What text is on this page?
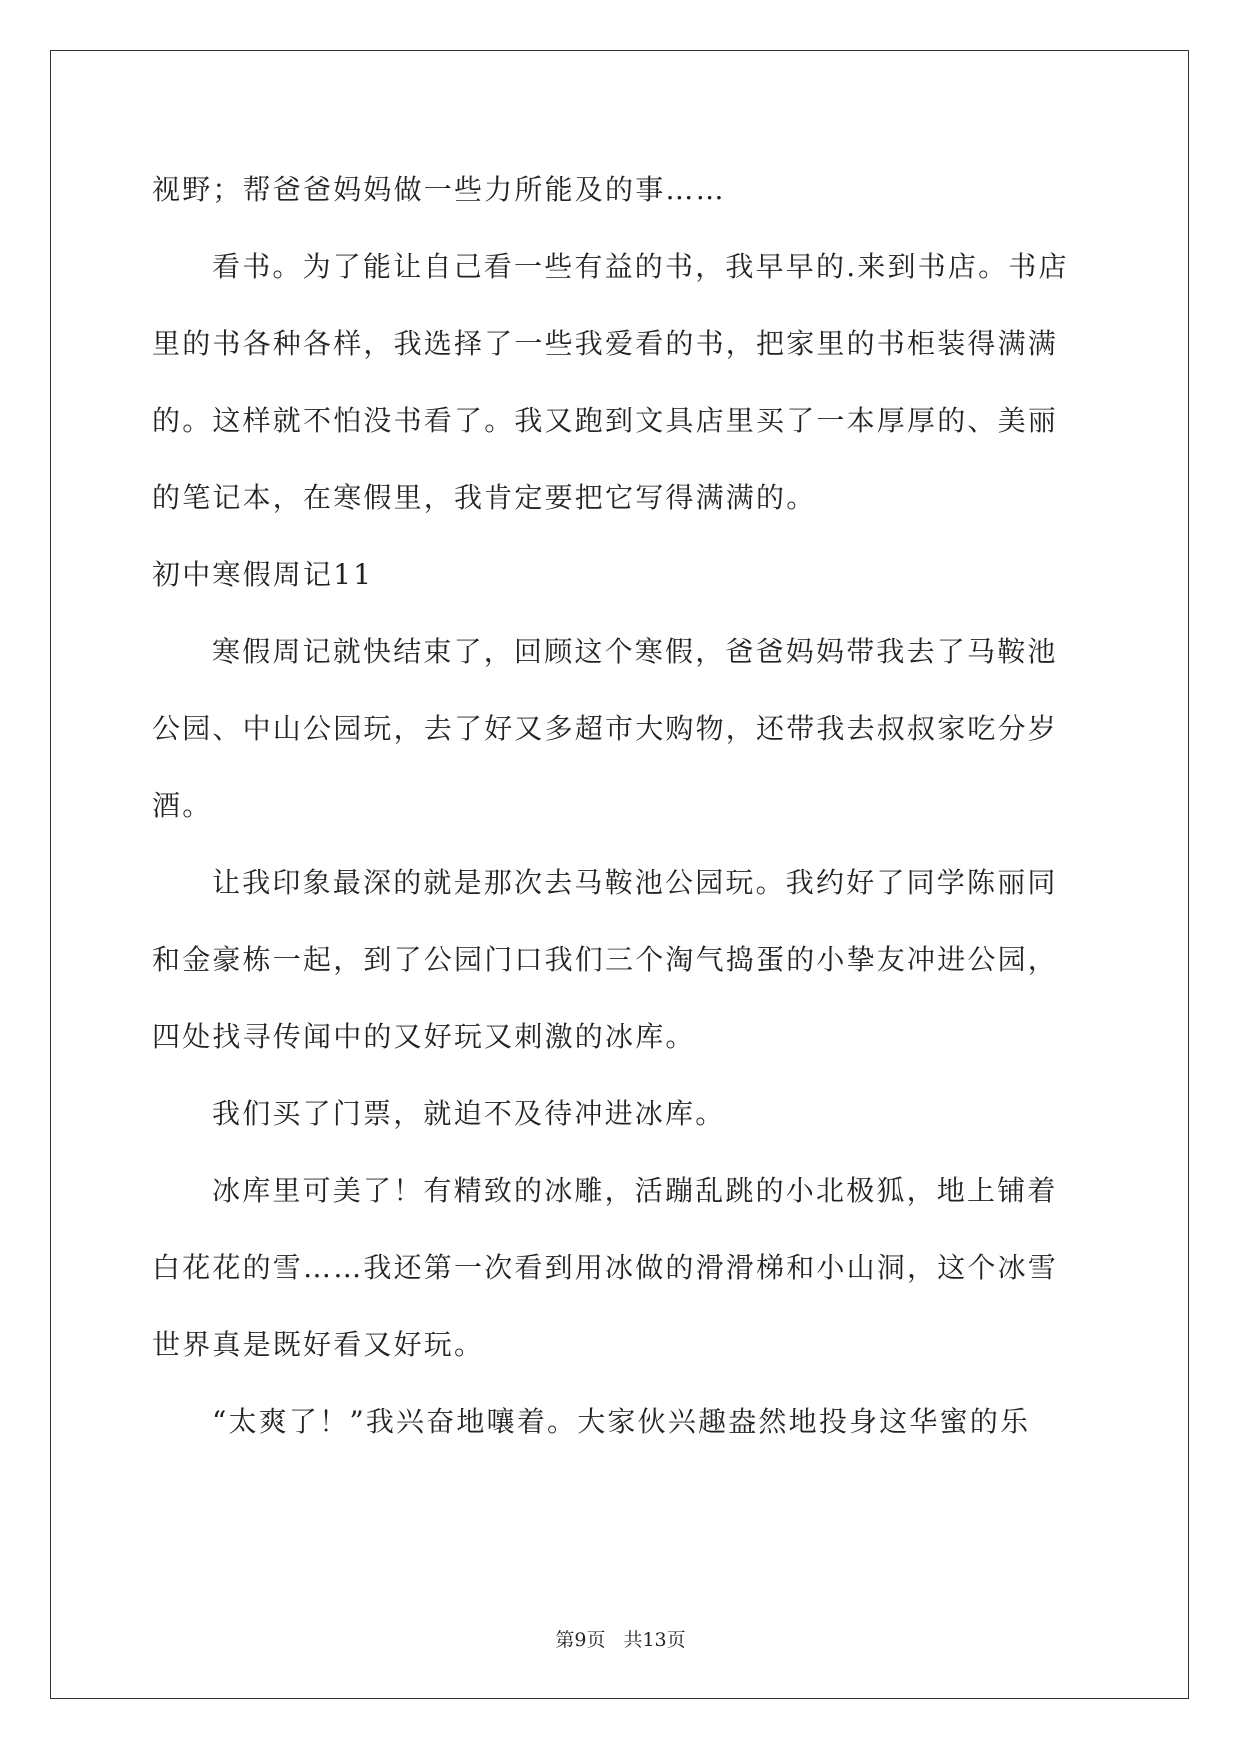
视野；帮爸爸妈妈做一些力所能及的事……
看书。为了能让自己看一些有益的书，我早早的.来到书店。书店
里的书各种各样，我选择了一些我爱看的书，把家里的书柜装得满满
的。这样就不怕没书看了。我又跑到文具店里买了一本厚厚的、美丽
的笔记本，在寒假里，我肯定要把它写得满满的。
初中寒假周记11
寒假周记就快结束了，回顾这个寒假，爸爸妈妈带我去了马鞍池
公园、中山公园玩，去了好又多超市大购物，还带我去叔叔家吃分岁
酒。
让我印象最深的就是那次去马鞍池公园玩。我约好了同学陈丽同
和金豪栋一起，到了公园门口我们三个淘气捣蛋的小挚友冲进公园，
四处找寻传闻中的又好玩又刺激的冰库。
我们买了门票，就迫不及待冲进冰库。
冰库里可美了！有精致的冰雕，活蹦乱跳的小北极狐，地上铺着
白花花的雪……我还第一次看到用冰做的滑滑梯和小山洞，这个冰雪
世界真是既好看又好玩。
“太爽了！”我兴奋地嚷着。大家伙兴趣盎然地投身这华蜜的乐
第9页 共13页
